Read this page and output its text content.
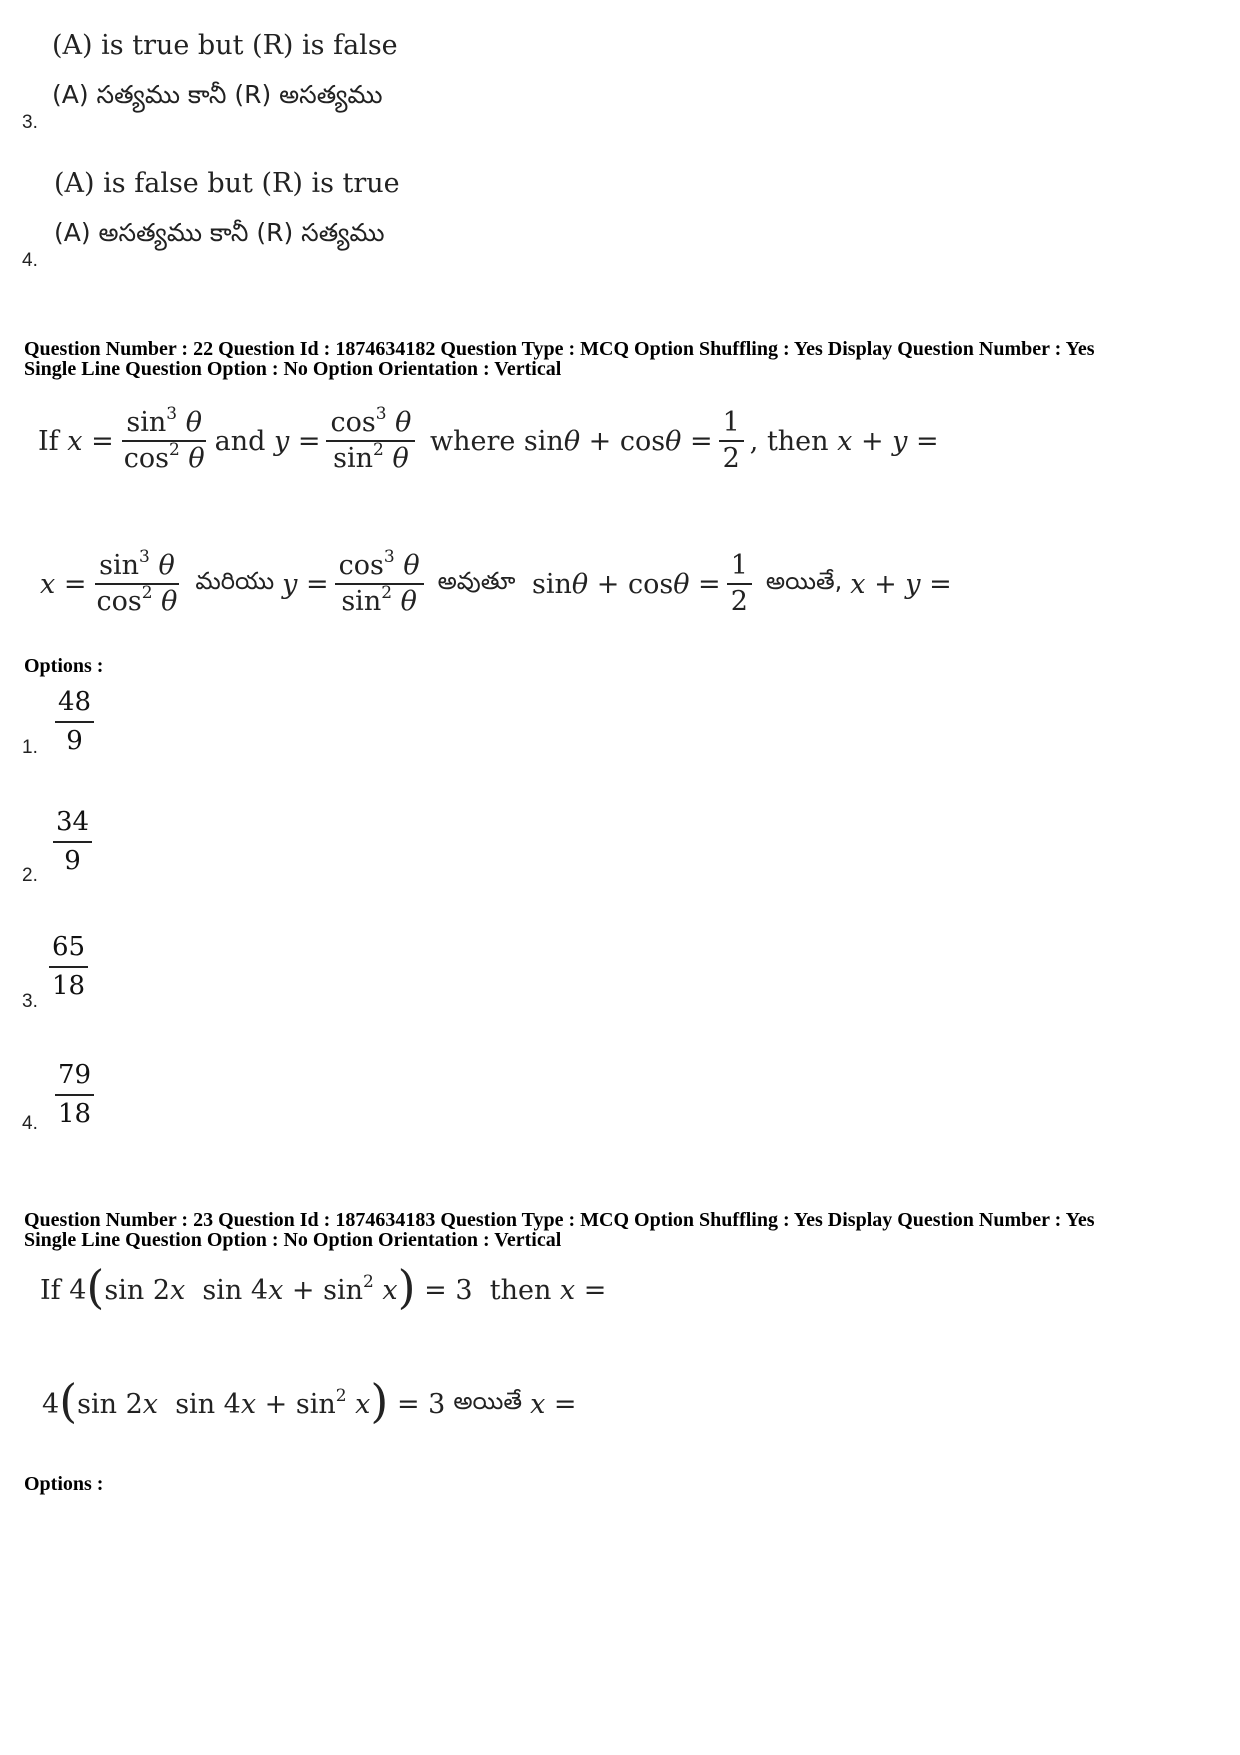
(A) is true but (R) is false
(A) సత్యము కానీ (R) అసత్యము
3.
(A) is false but (R) is true
(A) అసత్యము కానీ (R) సత్యము
4.
Question Number : 22 Question Id : 1874634182 Question Type : MCQ Option Shuffling : Yes Display Question Number : Yes
Single Line Question Option : No Option Orientation : Vertical
If $x = \frac{\sin^3 \theta}{\cos^2 \theta}$ and $y = \frac{\cos^3 \theta}{\sin^2 \theta}$ where $\sin\theta + \cos\theta = \frac{1}{2}$ , then x + y =
$x = \frac{\sin^3 \theta}{\cos^2 \theta}$ మరియు $y = \frac{\cos^3 \theta}{\sin^2 \theta}$ అవుతూ $\sin\theta + \cos\theta = \frac{1}{2}$ అయితే, x + y =
Options :
$\frac{48}{9}$
1.
$\frac{34}{9}$
2.
$\frac{65}{18}$
3.
$\frac{79}{18}$
4.
Question Number : 23 Question Id : 1874634183 Question Type : MCQ Option Shuffling : Yes Display Question Number : Yes
Single Line Question Option : No Option Orientation : Vertical
If 4 ( sin 2x  $\sin 4x + \sin^2 x$ ) = 3  then x =
4 ( sin 2x  $\sin 4x + \sin^2 x$ ) = 3 అయితే x =
Options :
